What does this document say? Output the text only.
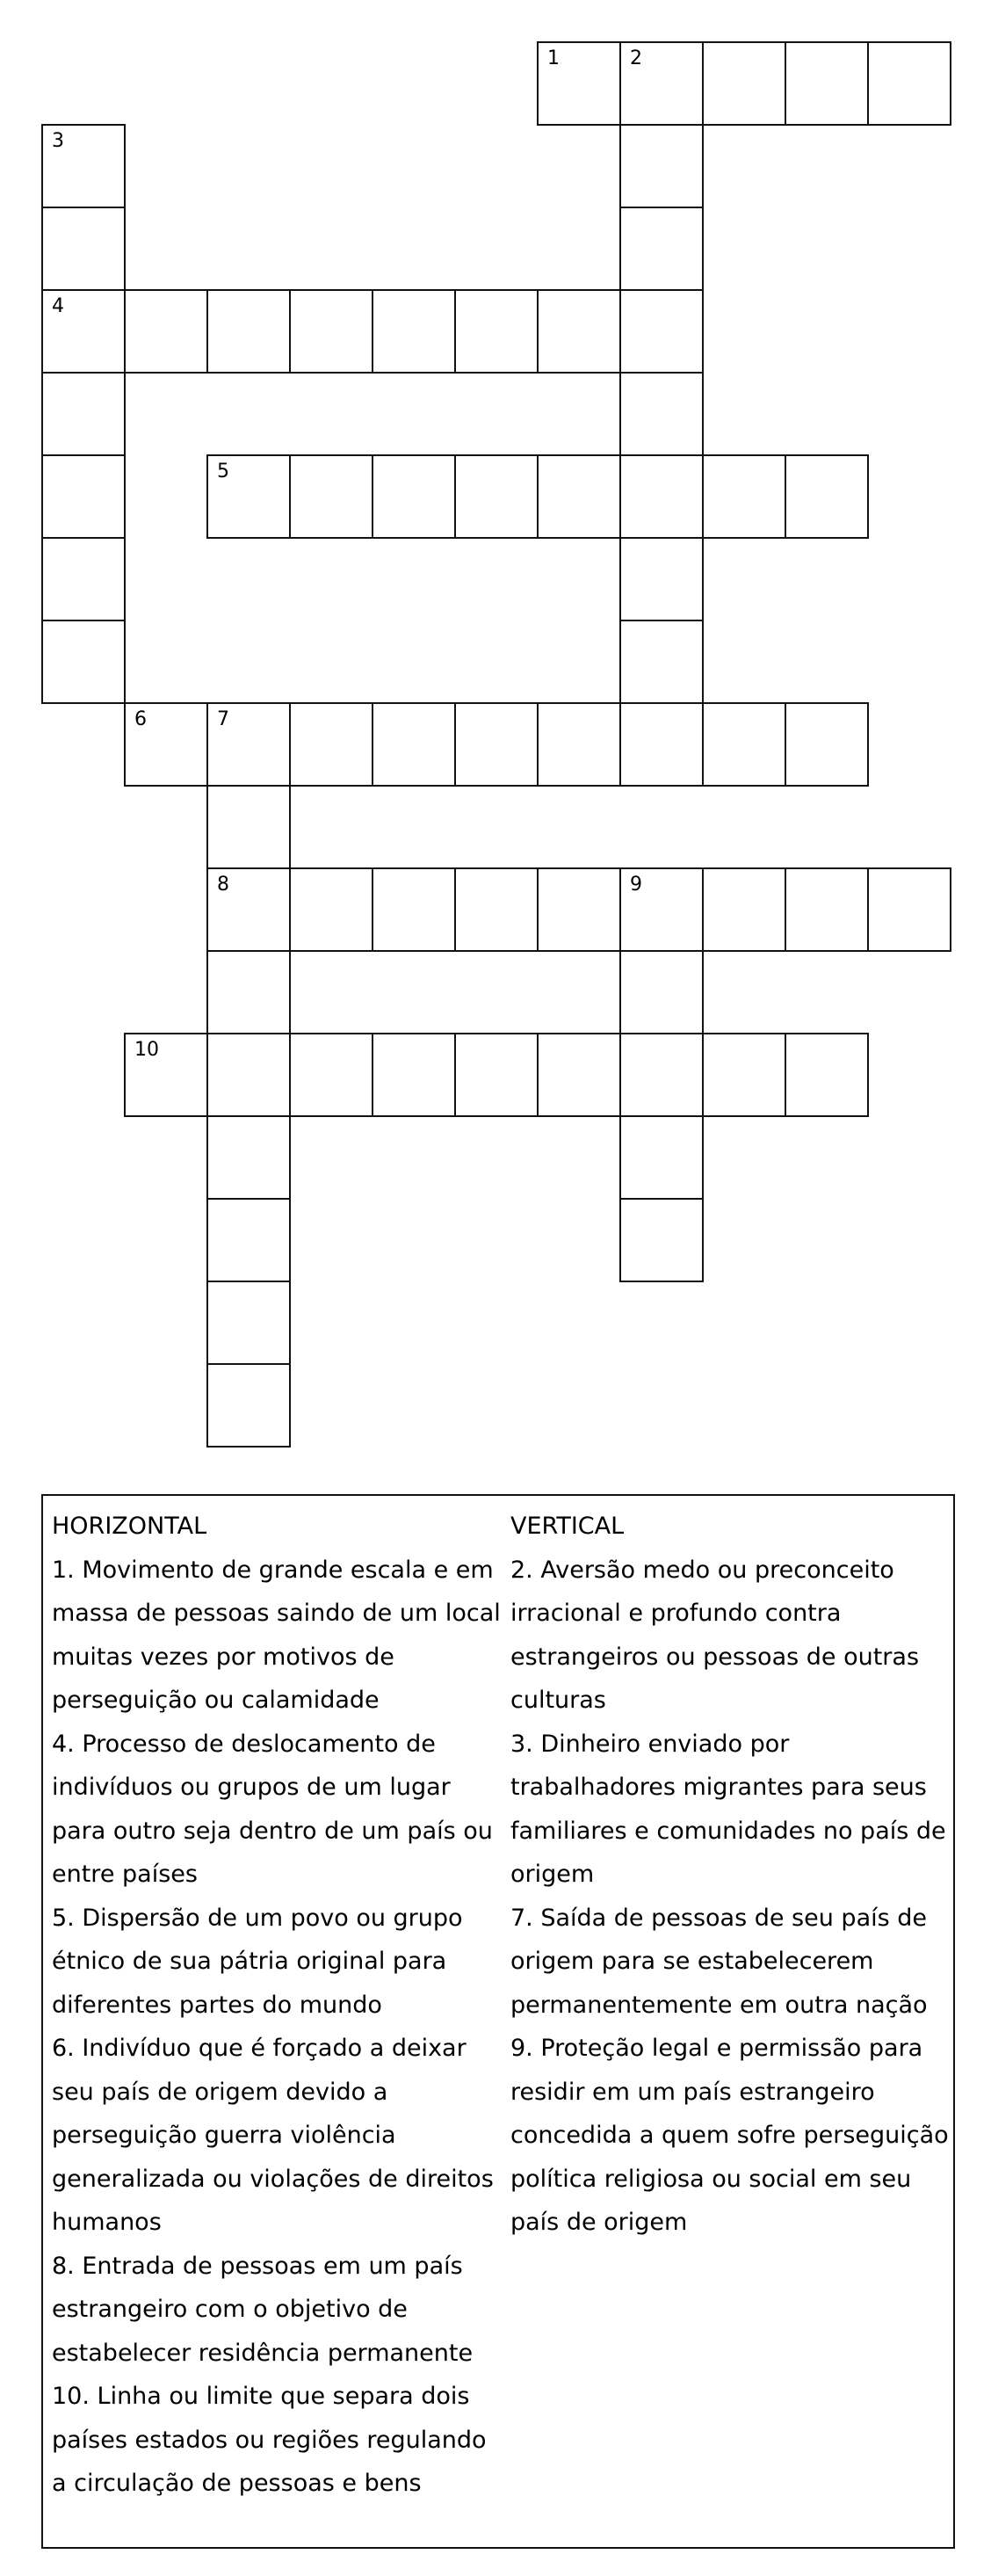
1	2
3
4
5
6	7
8	9
10
HORIZONTAL
1. Movimento de grande escala e em massa de pessoas saindo de um local muitas vezes por motivos de perseguição ou calamidade
4. Processo de deslocamento de indivíduos ou grupos de um lugar para outro seja dentro de um país ou entre países
5. Dispersão de um povo ou grupo étnico de sua pátria original para diferentes partes do mundo
6. Indivíduo que é forçado a deixar seu país de origem devido a perseguição guerra violência generalizada ou violações de direitos humanos
8. Entrada de pessoas em um país estrangeiro com o objetivo de estabelecer residência permanente
10. Linha ou limite que separa dois países estados ou regiões regulando a circulação de pessoas e bens
VERTICAL
2. Aversão medo ou preconceito irracional e profundo contra estrangeiros ou pessoas de outras culturas
3. Dinheiro enviado por trabalhadores migrantes para seus familiares e comunidades no país de origem
7. Saída de pessoas de seu país de origem para se estabelecerem permanentemente em outra nação
9. Proteção legal e permissão para residir em um país estrangeiro concedida a quem sofre perseguição política religiosa ou social em seu país de origem
